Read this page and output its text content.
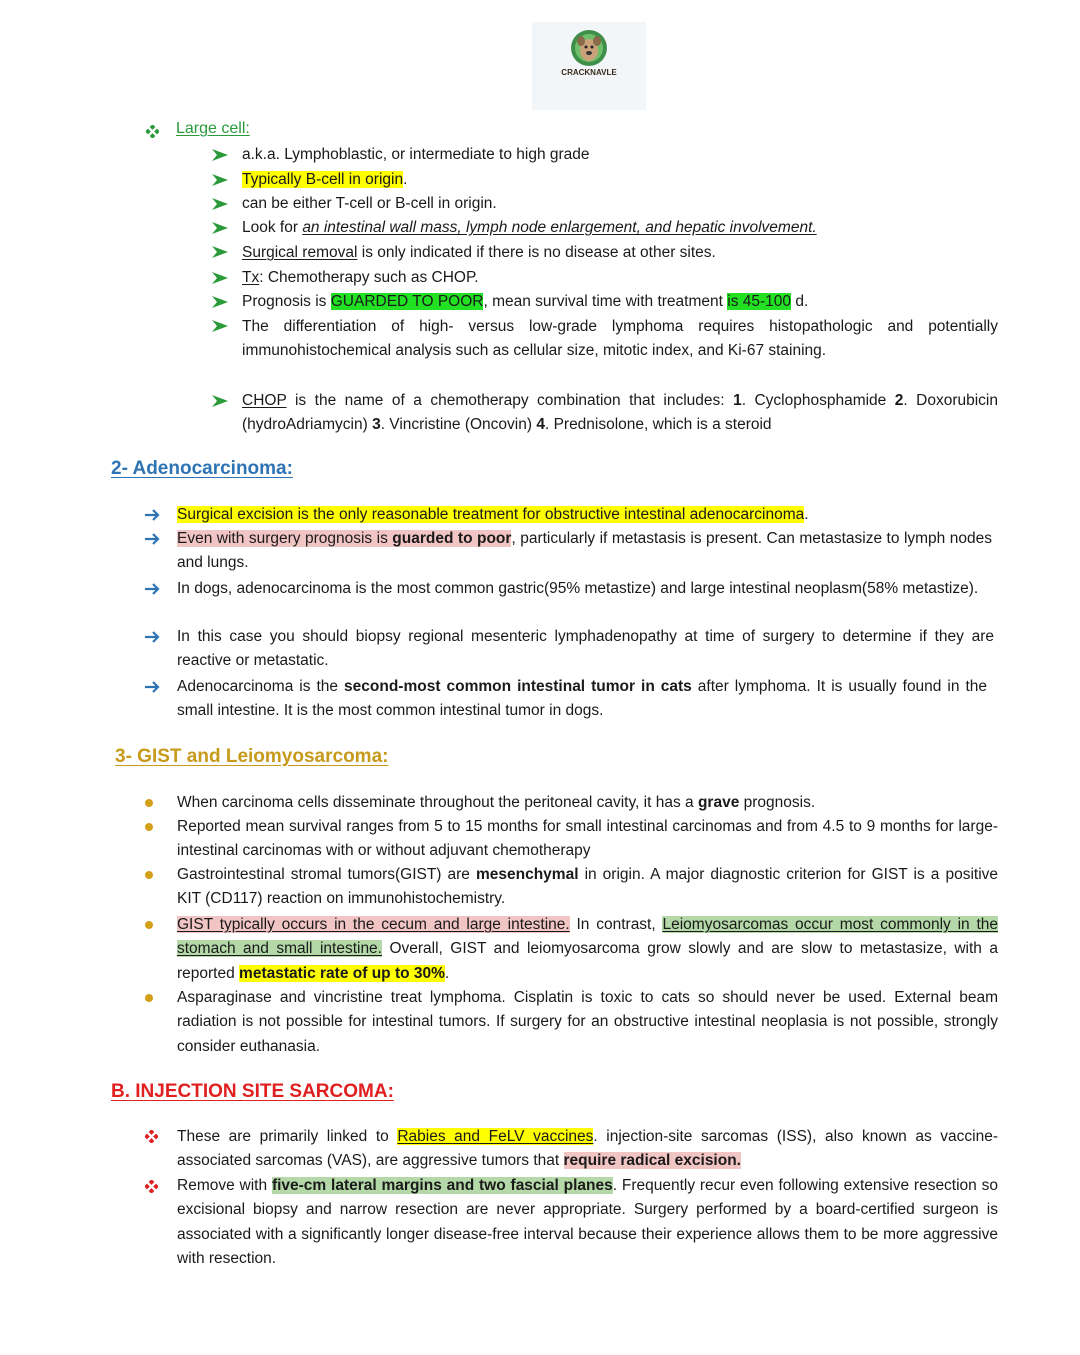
CRACKNAVLE
Large cell:

a.k.a. Lymphoblastic, or intermediate to high grade

Typically B-cell in origin.

can be either T-cell or B-cell in origin.

Look for an intestinal wall mass, lymph node enlargement, and hepatic involvement.

Surgical removal is only indicated if there is no disease at other sites.

Tx: Chemotherapy such as CHOP.

Prognosis is GUARDED TO POOR, mean survival time with treatment is 45-100 d.

The differentiation of high- versus low-grade lymphoma requires histopathologic and potentially immunohistochemical analysis such as cellular size, mitotic index, and Ki-67 staining.

CHOP is the name of a chemotherapy combination that includes: 1. Cyclophosphamide 2. Doxorubicin (hydroAdriamycin) 3. Vincristine (Oncovin) 4. Prednisolone, which is a steroid

2- Adenocarcinoma:

Surgical excision is the only reasonable treatment for obstructive intestinal adenocarcinoma.

Even with surgery prognosis is guarded to poor, particularly if metastasis is present. Can metastasize to lymph nodes and lungs.

In dogs, adenocarcinoma is the most common gastric(95% metastize) and large intestinal neoplasm(58% metastize).

In this case you should biopsy regional mesenteric lymphadenopathy at time of surgery to determine if they are reactive or metastatic.

Adenocarcinoma is the second-most common intestinal tumor in cats after lymphoma. It is usually found in the small intestine. It is the most common intestinal tumor in dogs.

3- GIST and Leiomyosarcoma:

When carcinoma cells disseminate throughout the peritoneal cavity, it has a grave prognosis.

Reported mean survival ranges from 5 to 15 months for small intestinal carcinomas and from 4.5 to 9 months for large-intestinal carcinomas with or without adjuvant chemotherapy

Gastrointestinal stromal tumors(GIST) are mesenchymal in origin. A major diagnostic criterion for GIST is a positive KIT (CD117) reaction on immunohistochemistry.

GIST typically occurs in the cecum and large intestine. In contrast, Leiomyosarcomas occur most commonly in the stomach and small intestine. Overall, GIST and leiomyosarcoma grow slowly and are slow to metastasize, with a reported metastatic rate of up to 30%.

Asparaginase and vincristine treat lymphoma. Cisplatin is toxic to cats so should never be used. External beam radiation is not possible for intestinal tumors. If surgery for an obstructive intestinal neoplasia is not possible, strongly consider euthanasia.

B. INJECTION SITE SARCOMA:

These are primarily linked to Rabies and FeLV vaccines. injection-site sarcomas (ISS), also known as vaccine-associated sarcomas (VAS), are aggressive tumors that require radical excision.

Remove with five-cm lateral margins and two fascial planes. Frequently recur even following extensive resection so excisional biopsy and narrow resection are never appropriate. Surgery performed by a board-certified surgeon is associated with a significantly longer disease-free interval because their experience allows them to be more aggressive with resection.
